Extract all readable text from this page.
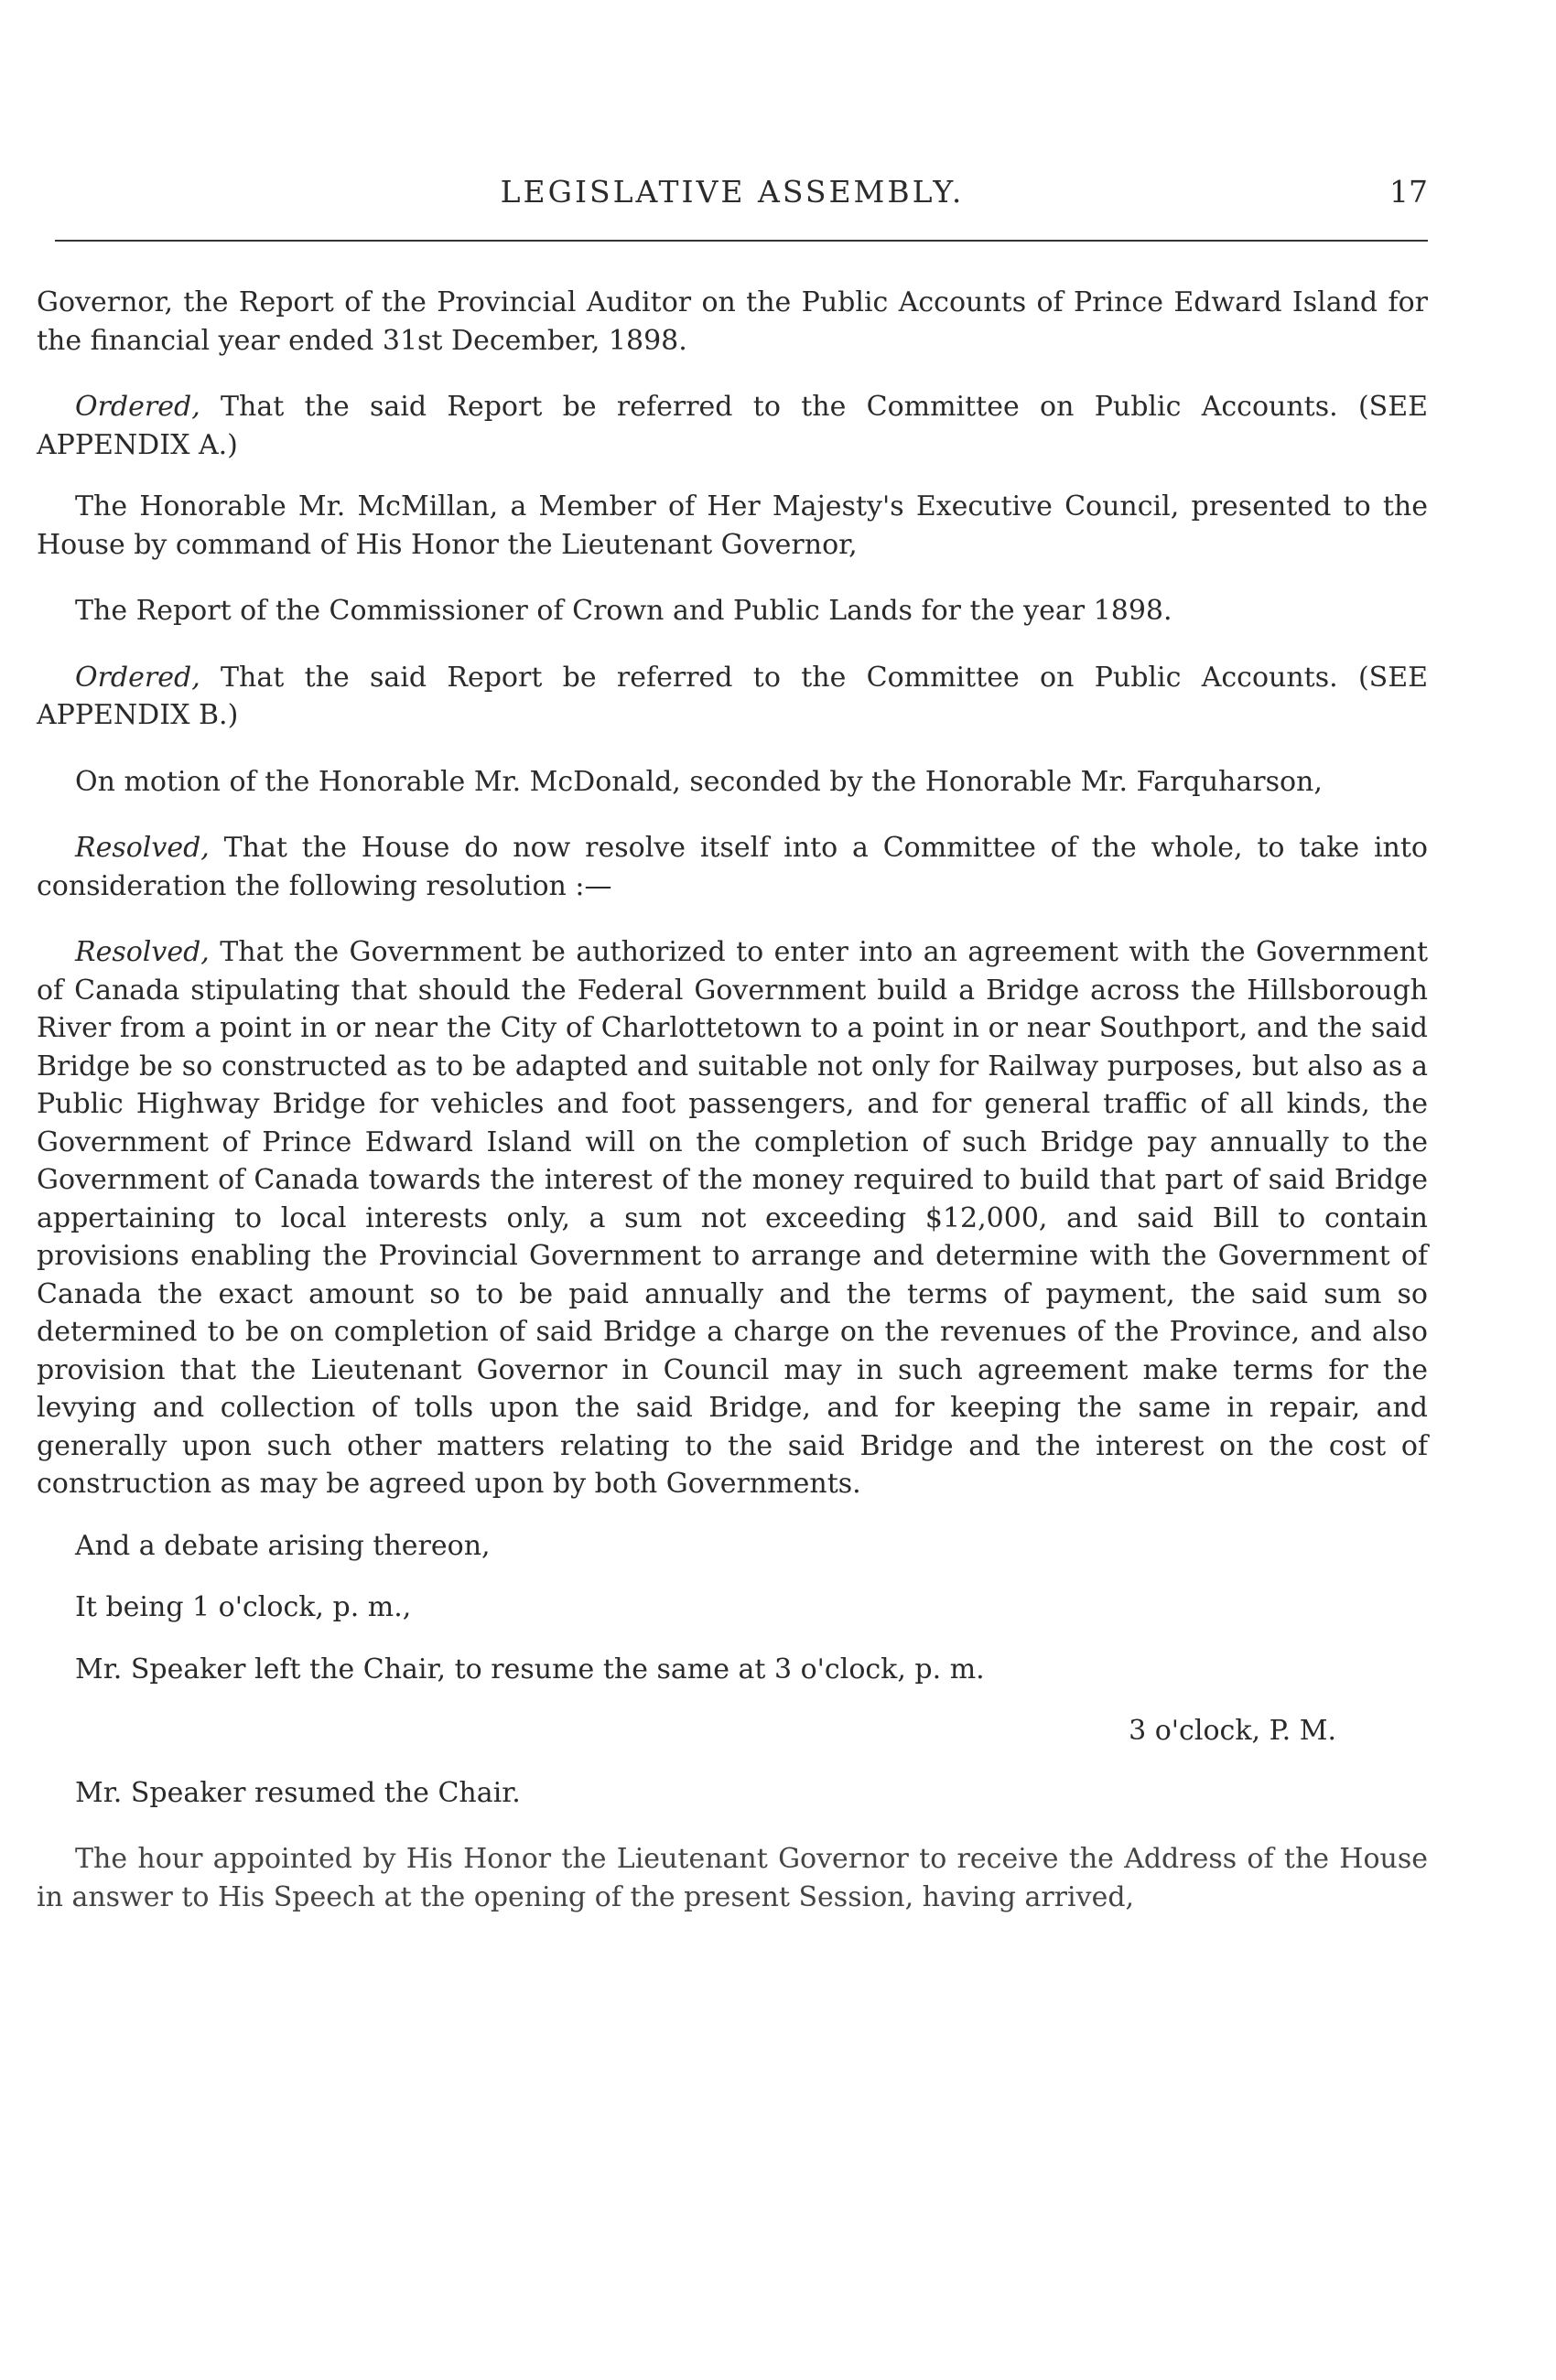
LEGISLATIVE ASSEMBLY.	17

Governor, the Report of the Provincial Auditor on the Public Accounts of Prince Edward Island for the financial year ended 31st December, 1898.

Ordered, That the said Report be referred to the Committee on Public Accounts. (SEE APPENDIX A.)

The Honorable Mr. McMillan, a Member of Her Majesty's Executive Council, presented to the House by command of His Honor the Lieutenant Governor,

The Report of the Commissioner of Crown and Public Lands for the year 1898.

Ordered, That the said Report be referred to the Committee on Public Accounts. (SEE APPENDIX B.)

On motion of the Honorable Mr. McDonald, seconded by the Honorable Mr. Farquharson,

Resolved, That the House do now resolve itself into a Committee of the whole, to take into consideration the following resolution :—

Resolved, That the Government be authorized to enter into an agreement with the Government of Canada stipulating that should the Federal Government build a Bridge across the Hillsborough River from a point in or near the City of Charlottetown to a point in or near Southport, and the said Bridge be so constructed as to be adapted and suitable not only for Railway purposes, but also as a Public Highway Bridge for vehicles and foot passengers, and for general traffic of all kinds, the Government of Prince Edward Island will on the completion of such Bridge pay annually to the Government of Canada towards the interest of the money required to build that part of said Bridge appertaining to local interests only, a sum not exceeding $12,000, and said Bill to contain provisions enabling the Provincial Government to arrange and determine with the Government of Canada the exact amount so to be paid annually and the terms of payment, the said sum so determined to be on completion of said Bridge a charge on the revenues of the Province, and also provision that the Lieutenant Governor in Council may in such agreement make terms for the levying and collection of tolls upon the said Bridge, and for keeping the same in repair, and generally upon such other matters relating to the said Bridge and the interest on the cost of construction as may be agreed upon by both Governments.

And a debate arising thereon,

It being 1 o'clock, p. m.,

Mr. Speaker left the Chair, to resume the same at 3 o'clock, p. m.

3 o'clock, P. M.

Mr. Speaker resumed the Chair.

The hour appointed by His Honor the Lieutenant Governor to receive the Address of the House in answer to His Speech at the opening of the present Session, having arrived,
